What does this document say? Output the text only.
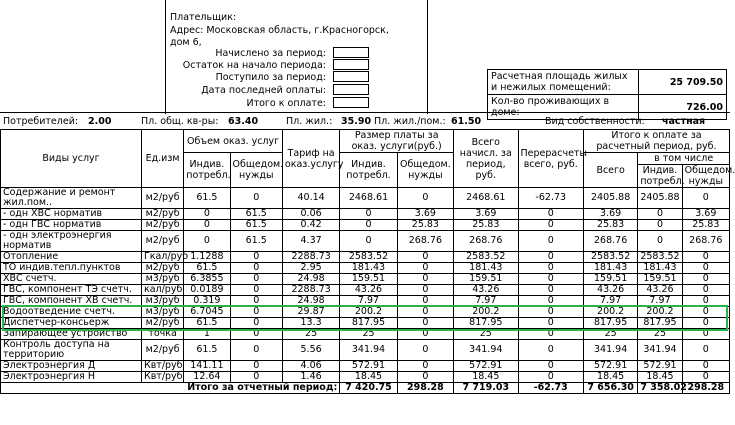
Плательщик:
Адрес: Московская область, г.Красногорск,
дом 6,
Начислено за период:
Остаток на начало периода:
Поступило за период:
Дата последней оплаты:
Итого к оплате:
Расчетная площадь жилых и нежилых помещений:	25 709.50
Кол-во проживающих в доме:	726.00
Потребителей: 2.00	Пл. общ. кв-ры: 63.40	Пл. жил.: 35.90 Пл. жил./пом.: 61.50	Вид собственности: частная
Виды услуг	Ед.изм	Объем оказ. услуг		Тариф на оказ.услугу	Размер платы за оказ. услуги(руб.)		Всего начисл. за период, руб.	Перерасчеты всего, руб.	Итого к оплате за расчетный период, руб.		
		Индив. потребл.	Общедом. нужды		Индив. потребл.	Общедом. нужды			Всего	в том числе	
										Индив. потребл.	Общедом. нужды
Содержание и ремонт жил.пом..	м2/руб	61.5	0	40.14	2468.61	0	2468.61	-62.73	2405.88	2405.88	0
- одн ХВС норматив	м2/руб	0	61.5	0.06	0	3.69	3.69	0	3.69	0	3.69
- одн ГВС норматив	м2/руб	0	61.5	0.42	0	25.83	25.83	0	25.83	0	25.83
- одн электроэнергия норматив	м2/руб	0	61.5	4.37	0	268.76	268.76	0	268.76	0	268.76
Отопление	Гкал/руб	1.1288	0	2288.73	2583.52	0	2583.52	0	2583.52	2583.52	0
ТО индив.тепл.пунктов	м2/руб	61.5	0	2.95	181.43	0	181.43	0	181.43	181.43	0
ХВС счетч.	м3/руб	6.3855	0	24.98	159.51	0	159.51	0	159.51	159.51	0
ГВС, компонент ТЭ счетч.	кал/руб	0.0189	0	2288.73	43.26	0	43.26	0	43.26	43.26	0
ГВС, компонент ХВ счетч.	м3/руб	0.319	0	24.98	7.97	0	7.97	0	7.97	7.97	0
Водоотведение счетч.	м3/руб	6.7045	0	29.87	200.2	0	200.2	0	200.2	200.2	0
Диспетчер-консьерж	м2/руб	61.5	0	13.3	817.95	0	817.95	0	817.95	817.95	0
Запирающее устройство	точка	1	0	25	25	0	25	0	25	25	0
Контроль доступа на территорию	м2/руб	61.5	0	5.56	341.94	0	341.94	0	341.94	341.94	0
Электроэнергия Д	Квт/руб	141.11	0	4.06	572.91	0	572.91	0	572.91	572.91	0
Электроэнергия Н	Квт/руб	12.64	0	1.46	18.45	0	18.45	0	18.45	18.45	0
Итого за отчетный период:					7 420.75	298.28	7 719.03	-62.73	7 656.30	7 358.02	298.28
